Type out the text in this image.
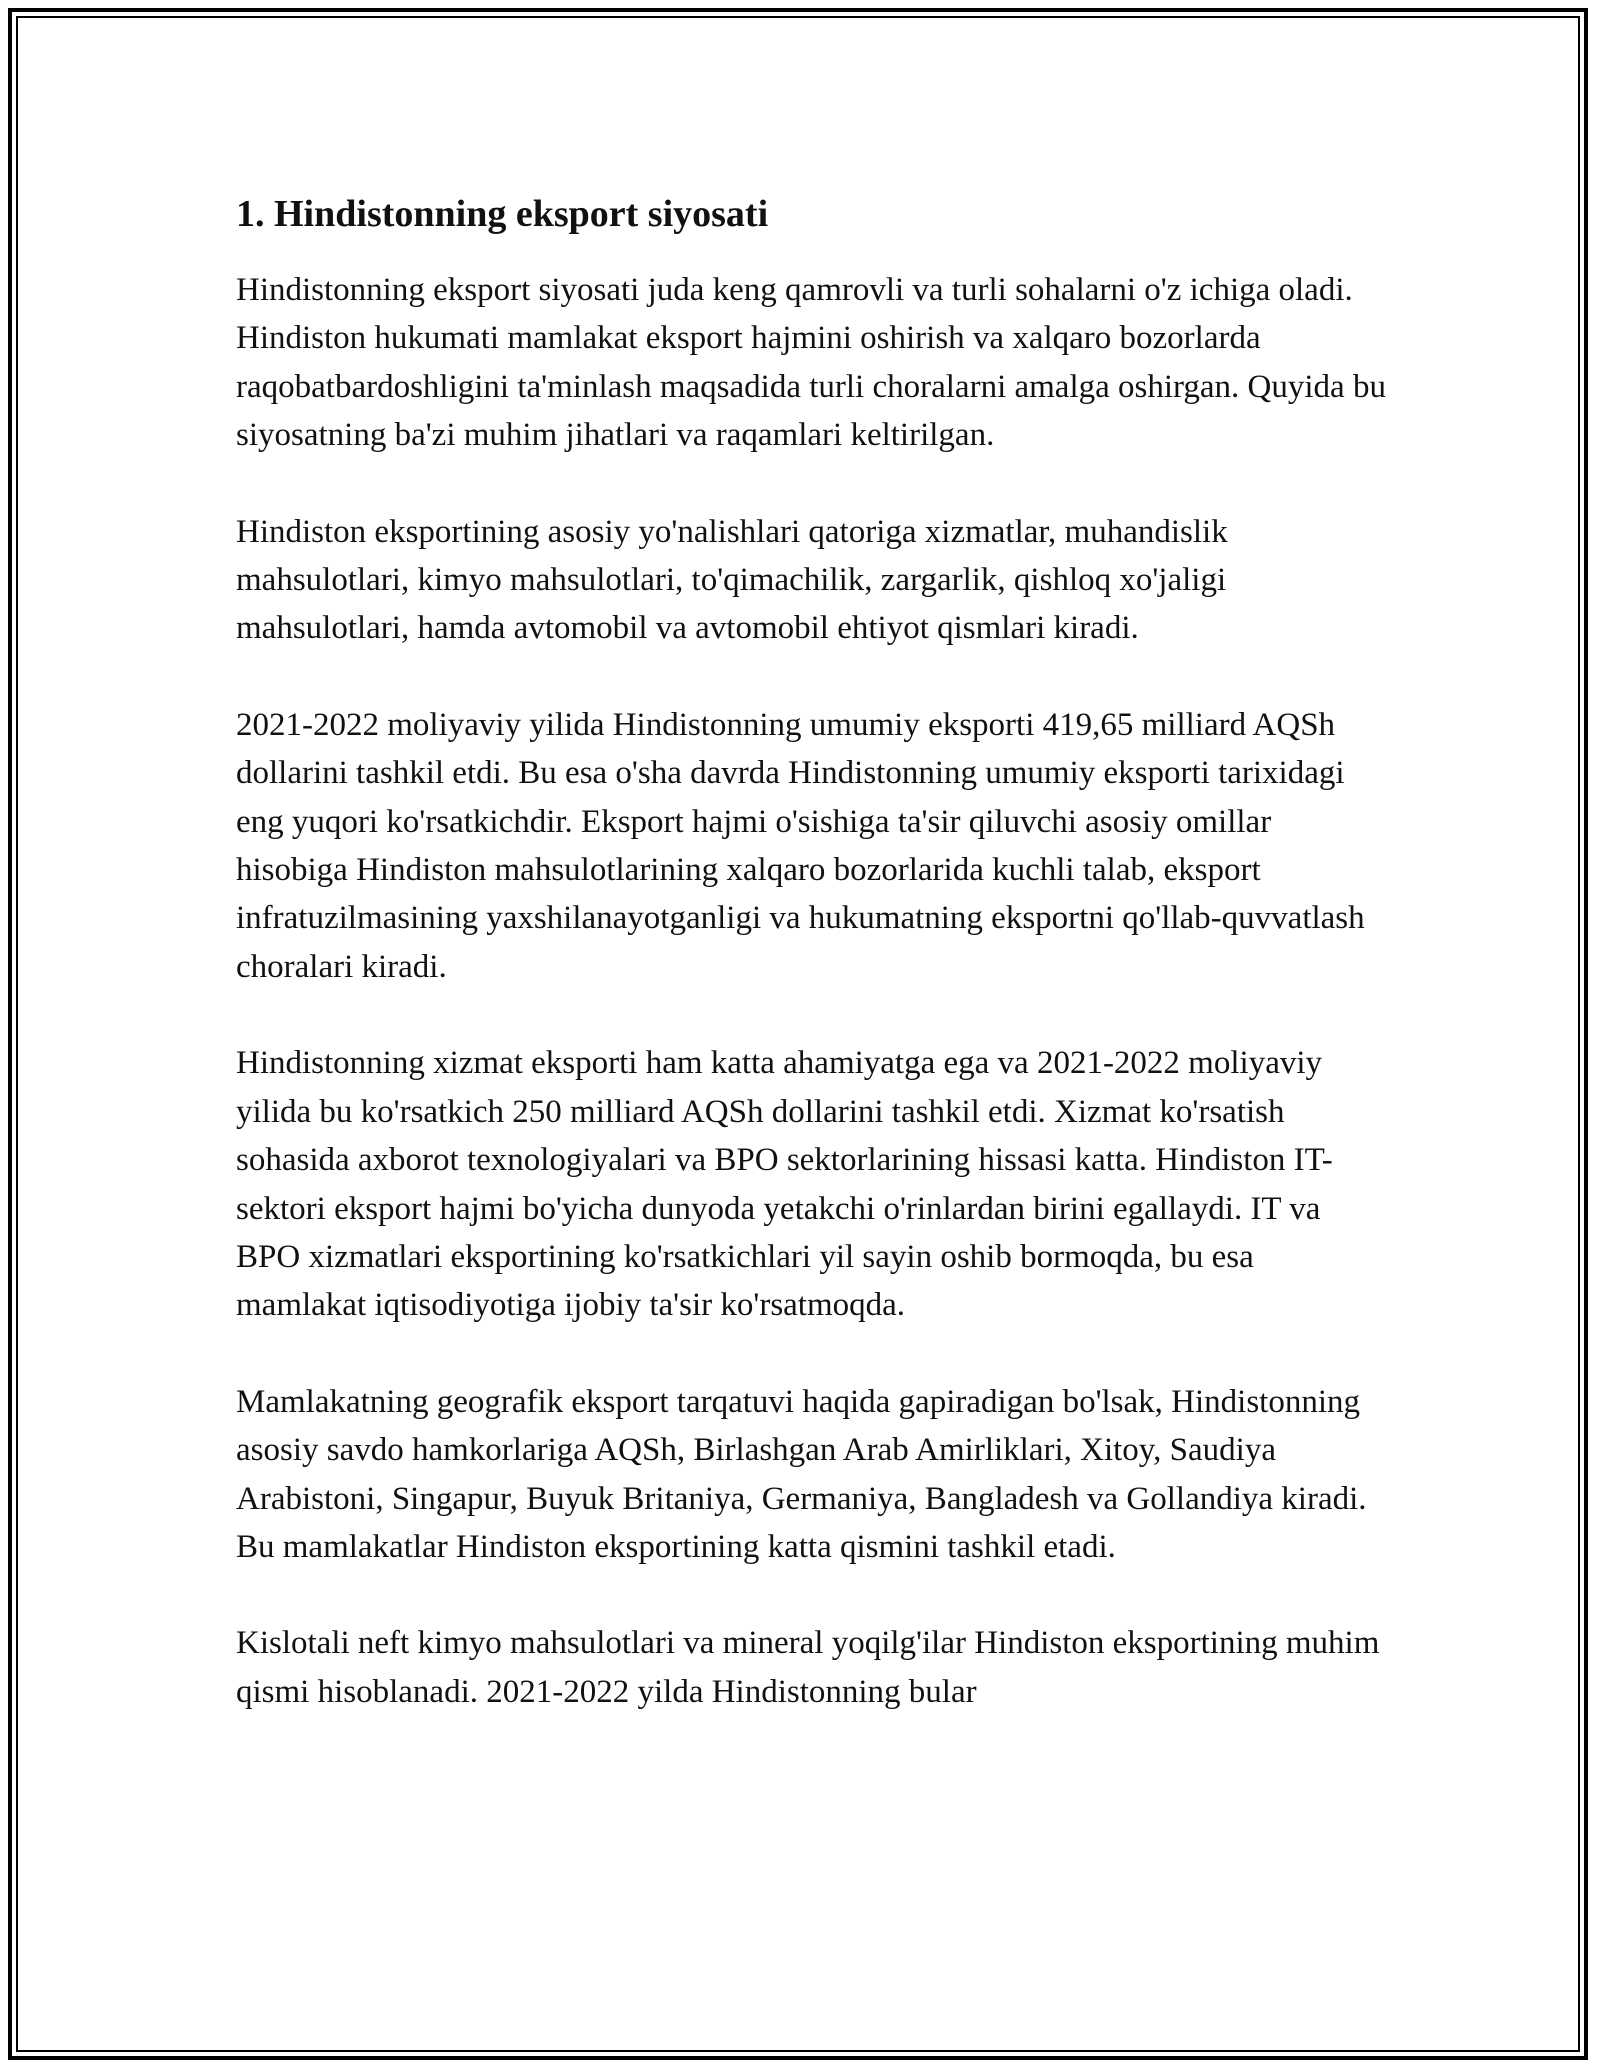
1. Hindistonning eksport siyosati

Hindistonning eksport siyosati juda keng qamrovli va turli sohalarni o'z ichiga oladi. Hindiston hukumati mamlakat eksport hajmini oshirish va xalqaro bozorlarda raqobatbardoshligini ta'minlash maqsadida turli choralarni amalga oshirgan. Quyida bu siyosatning ba'zi muhim jihatlari va raqamlari keltirilgan.

Hindiston eksportining asosiy yo'nalishlari qatoriga xizmatlar, muhandislik mahsulotlari, kimyo mahsulotlari, to'qimachilik, zargarlik, qishloq xo'jaligi mahsulotlari, hamda avtomobil va avtomobil ehtiyot qismlari kiradi.

2021-2022 moliyaviy yilida Hindistonning umumiy eksporti 419,65 milliard AQSh dollarini tashkil etdi. Bu esa o'sha davrda Hindistonning umumiy eksporti tarixidagi eng yuqori ko'rsatkichdir. Eksport hajmi o'sishiga ta'sir qiluvchi asosiy omillar hisobiga Hindiston mahsulotlarining xalqaro bozorlarida kuchli talab, eksport infratuzilmasining yaxshilanayotganligi va hukumatning eksportni qo'llab-quvvatlash choralari kiradi.

Hindistonning xizmat eksporti ham katta ahamiyatga ega va 2021-2022 moliyaviy yilida bu ko'rsatkich 250 milliard AQSh dollarini tashkil etdi. Xizmat ko'rsatish sohasida axborot texnologiyalari va BPO sektorlarining hissasi katta. Hindiston IT-sektori eksport hajmi bo'yicha dunyoda yetakchi o'rinlardan birini egallaydi. IT va BPO xizmatlari eksportining ko'rsatkichlari yil sayin oshib bormoqda, bu esa mamlakat iqtisodiyotiga ijobiy ta'sir ko'rsatmoqda.

Mamlakatning geografik eksport tarqatuvi haqida gapiradigan bo'lsak, Hindistonning asosiy savdo hamkorlariga AQSh, Birlashgan Arab Amirliklari, Xitoy, Saudiya Arabistoni, Singapur, Buyuk Britaniya, Germaniya, Bangladesh va Gollandiya kiradi. Bu mamlakatlar Hindiston eksportining katta qismini tashkil etadi.

Kislotali neft kimyo mahsulotlari va mineral yoqilg'ilar Hindiston eksportining muhim qismi hisoblanadi. 2021-2022 yilda Hindistonning bular
